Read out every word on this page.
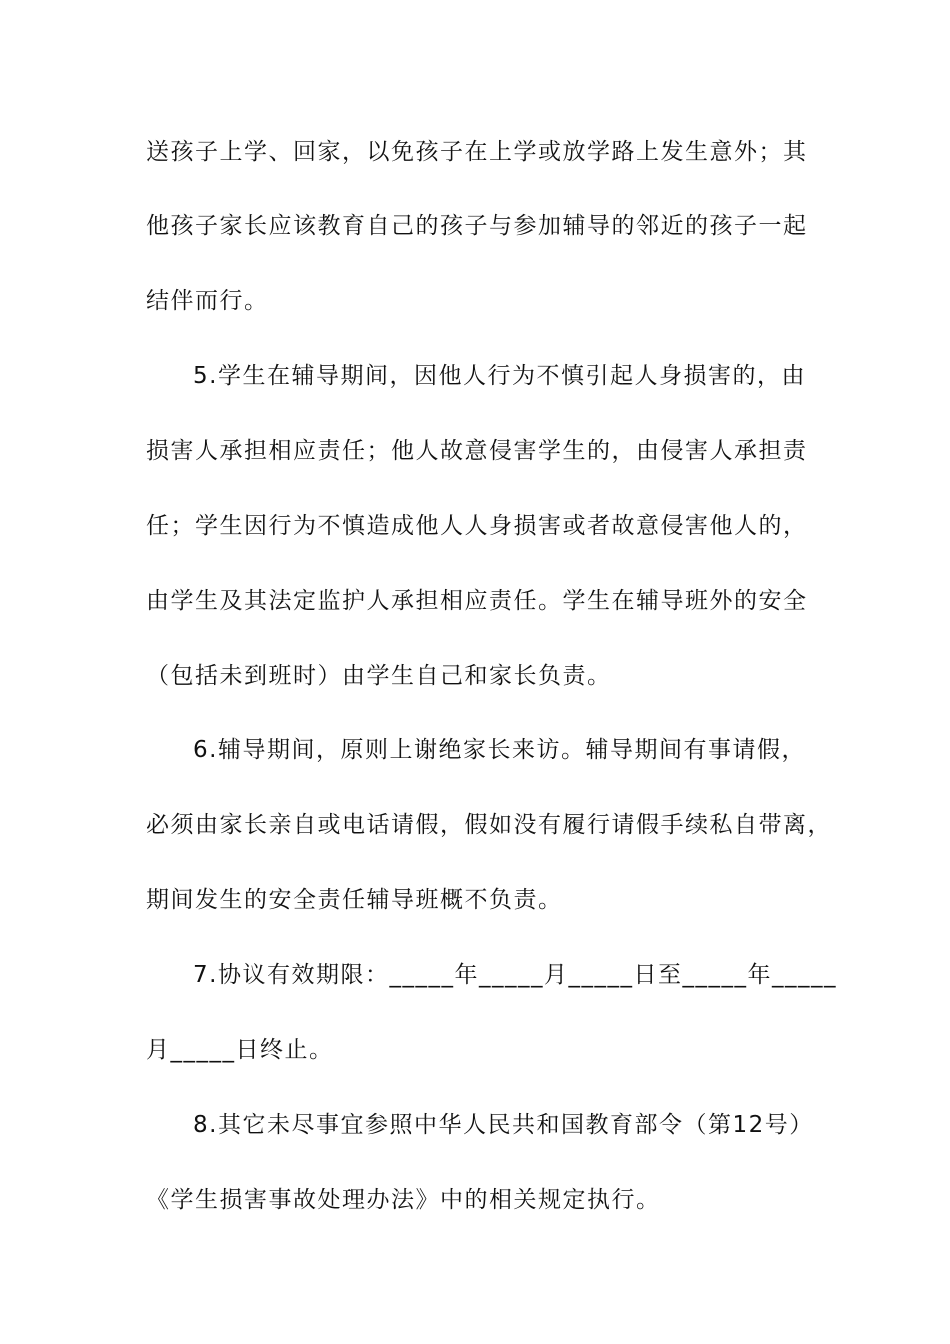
送孩子上学、回家，以免孩子在上学或放学路上发生意外；其
他孩子家长应该教育自己的孩子与参加辅导的邻近的孩子一起
结伴而行。
5.学生在辅导期间，因他人行为不慎引起人身损害的，由
损害人承担相应责任；他人故意侵害学生的，由侵害人承担责
任；学生因行为不慎造成他人人身损害或者故意侵害他人的，
由学生及其法定监护人承担相应责任。学生在辅导班外的安全
（包括未到班时）由学生自己和家长负责。
6.辅导期间，原则上谢绝家长来访。辅导期间有事请假，
必须由家长亲自或电话请假，假如没有履行请假手续私自带离，
期间发生的安全责任辅导班概不负责。
7.协议有效期限：_____年_____月_____日至_____年_____
月_____日终止。
8.其它未尽事宜参照中华人民共和国教育部令（第12号）
《学生损害事故处理办法》中的相关规定执行。
